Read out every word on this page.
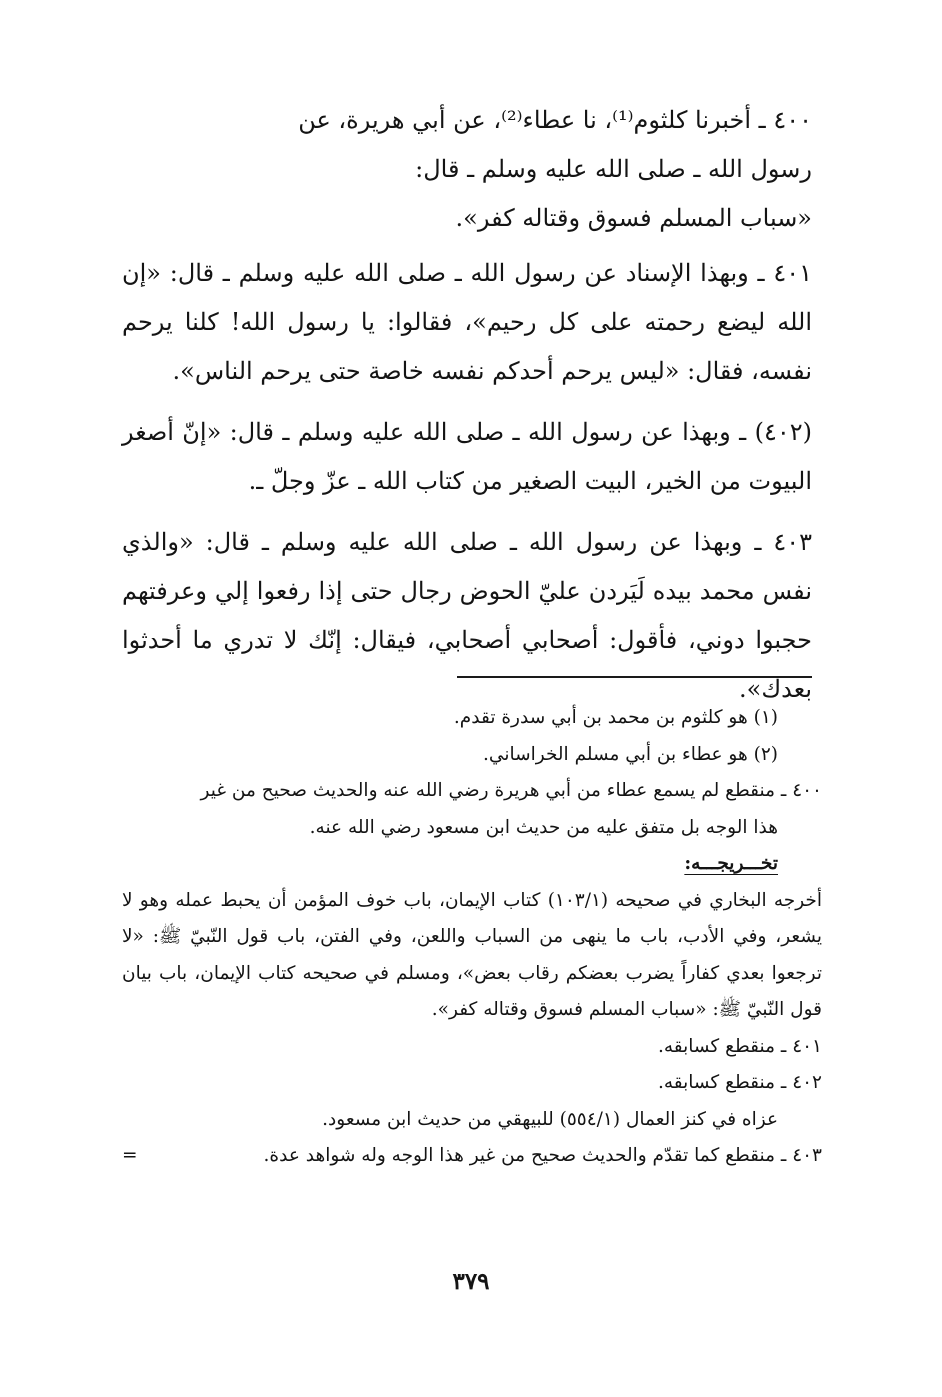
٤٠٠ ـ أخبرنا كلثوم⁽¹⁾، نا عطاء⁽²⁾، عن أبي هريرة، عن
رسول الله ـ صلى الله عليه وسلم ـ قال:
«سباب المسلم فسوق وقتاله كفر».

٤٠١ ـ وبهذا الإسناد عن رسول الله ـ صلى الله عليه وسلم ـ قال: «إن الله ليضع رحمته على كل رحيم»، فقالوا: يا رسول الله! كلنا يرحم نفسه، فقال: «ليس يرحم أحدكم نفسه خاصة حتى يرحم الناس».

(٤٠٢) ـ وبهذا عن رسول الله ـ صلى الله عليه وسلم ـ قال: «إنّ أصغر البيوت من الخير، البيت الصغير من كتاب الله ـ عزّ وجلّ ـ.

٤٠٣ ـ وبهذا عن رسول الله ـ صلى الله عليه وسلم ـ قال: «والذي نفس محمد بيده لَيَردن عليّ الحوض رجال حتى إذا رفعوا إلي وعرفتهم حجبوا دوني، فأقول: أصحابي أصحابي، فيقال: إنّك لا تدري ما أحدثوا بعدك».

(١) هو كلثوم بن محمد بن أبي سدرة تقدم.

(٢) هو عطاء بن أبي مسلم الخراساني.

٤٠٠ ـ منقطع لم يسمع عطاء من أبي هريرة رضي الله عنه والحديث صحيح من غير

هذا الوجه بل متفق عليه من حديث ابن مسعود رضي الله عنه.

تخـــريجـــه:

أخرجه البخاري في صحيحه (١٠٣/١) كتاب الإيمان، باب خوف المؤمن أن يحبط عمله وهو لا يشعر، وفي الأدب، باب ما ينهى من السباب واللعن، وفي الفتن، باب قول النّبيّ ﷺ: «لا ترجعوا بعدي كفاراً يضرب بعضكم رقاب بعض»، ومسلم في صحيحه كتاب الإيمان، باب بيان قول النّبيّ ﷺ: «سباب المسلم فسوق وقتاله كفر».

٤٠١ ـ منقطع كسابقه.

٤٠٢ ـ منقطع كسابقه.

عزاه في كنز العمال (٥٥٤/١) للبيهقي من حديث ابن مسعود.

٤٠٣ ـ منقطع كما تقدّم والحديث صحيح من غير هذا الوجه وله شواهد عدة.
=

٣٧٩
